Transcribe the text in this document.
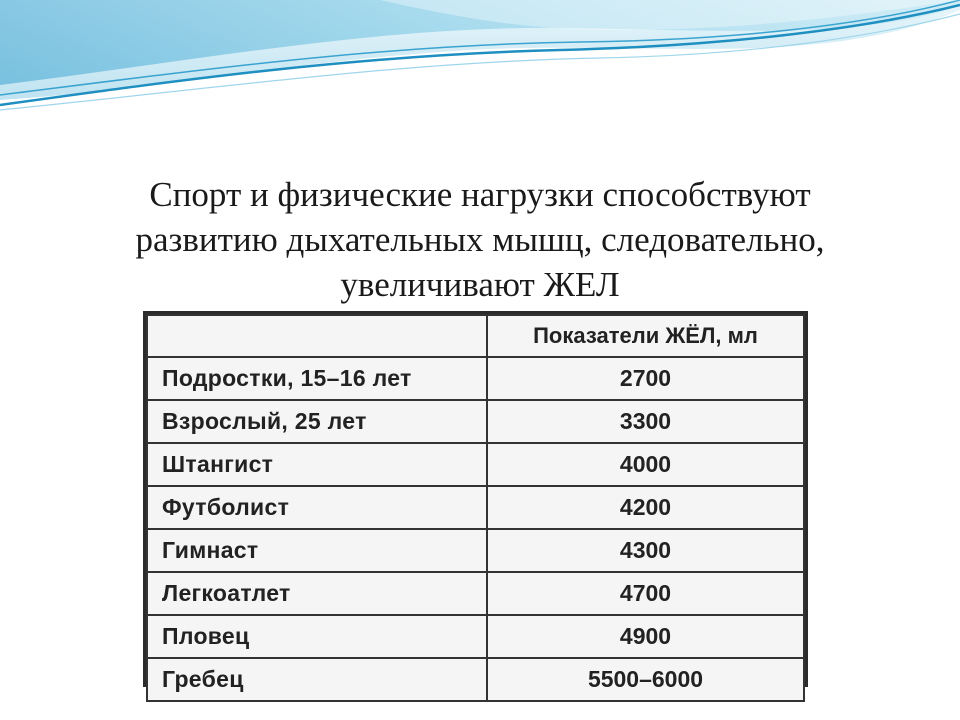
Спорт и физические нагрузки способствуют
развитию дыхательных мышц, следовательно,
увеличивают ЖЕЛ
	Показатели ЖЁЛ, мл
Подростки, 15–16 лет	2700
Взрослый, 25 лет	3300
Штангист	4000
Футболист	4200
Гимнаст	4300
Легкоатлет	4700
Пловец	4900
Гребец	5500–6000
